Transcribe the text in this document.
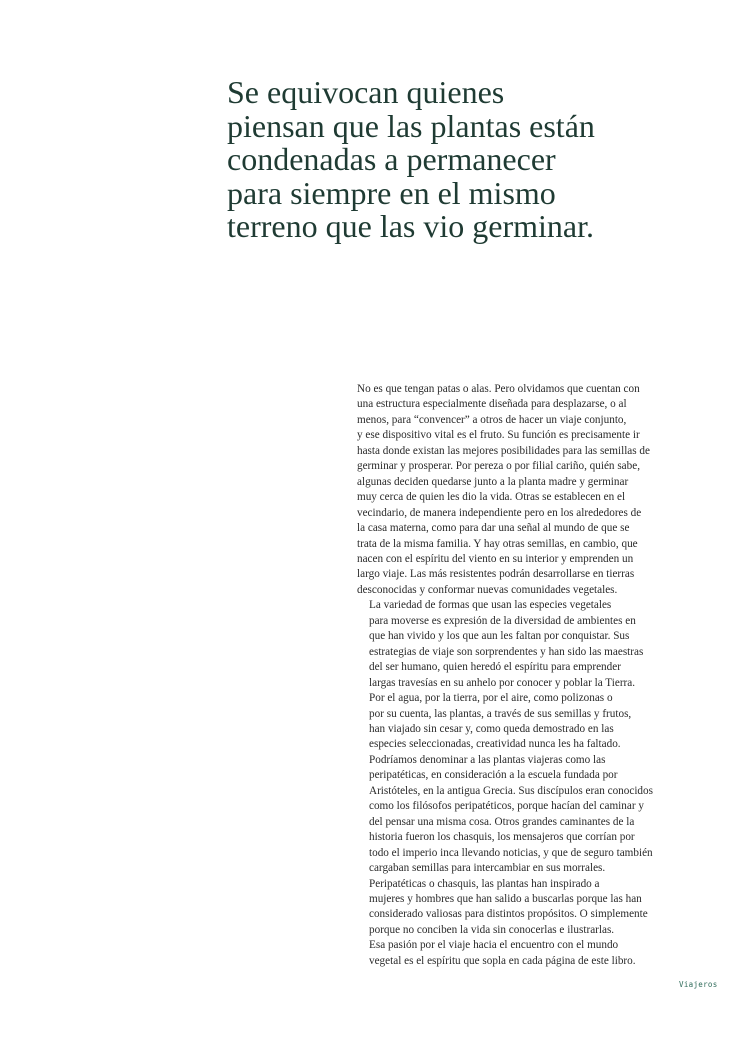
Se equivocan quienes
piensan que las plantas están
condenadas a permanecer
para siempre en el mismo
terreno que las vio germinar.

No es que tengan patas o alas. Pero olvidamos que cuentan con
una estructura especialmente diseñada para desplazarse, o al
menos, para “convencer” a otros de hacer un viaje conjunto,
y ese dispositivo vital es el fruto. Su función es precisamente ir
hasta donde existan las mejores posibilidades para las semillas de
germinar y prosperar. Por pereza o por filial cariño, quién sabe,
algunas deciden quedarse junto a la planta madre y germinar
muy cerca de quien les dio la vida. Otras se establecen en el
vecindario, de manera independiente pero en los alrededores de
la casa materna, como para dar una señal al mundo de que se
trata de la misma familia. Y hay otras semillas, en cambio, que
nacen con el espíritu del viento en su interior y emprenden un
largo viaje. Las más resistentes podrán desarrollarse en tierras
desconocidas y conformar nuevas comunidades vegetales.

La variedad de formas que usan las especies vegetales
para moverse es expresión de la diversidad de ambientes en
que han vivido y los que aun les faltan por conquistar. Sus
estrategias de viaje son sorprendentes y han sido las maestras
del ser humano, quien heredó el espíritu para emprender
largas travesías en su anhelo por conocer y poblar la Tierra.
Por el agua, por la tierra, por el aire, como polizonas o
por su cuenta, las plantas, a través de sus semillas y frutos,
han viajado sin cesar y, como queda demostrado en las
especies seleccionadas, creatividad nunca les ha faltado.

Podríamos denominar a las plantas viajeras como las
peripatéticas, en consideración a la escuela fundada por
Aristóteles, en la antigua Grecia. Sus discípulos eran conocidos
como los filósofos peripatéticos, porque hacían del caminar y
del pensar una misma cosa. Otros grandes caminantes de la
historia fueron los chasquis, los mensajeros que corrían por
todo el imperio inca llevando noticias, y que de seguro también
cargaban semillas para intercambiar en sus morrales.

Peripatéticas o chasquis, las plantas han inspirado a
mujeres y hombres que han salido a buscarlas porque las han
considerado valiosas para distintos propósitos. O simplemente
porque no conciben la vida sin conocerlas e ilustrarlas.

Esa pasión por el viaje hacia el encuentro con el mundo
vegetal es el espíritu que sopla en cada página de este libro.

Viajeros
